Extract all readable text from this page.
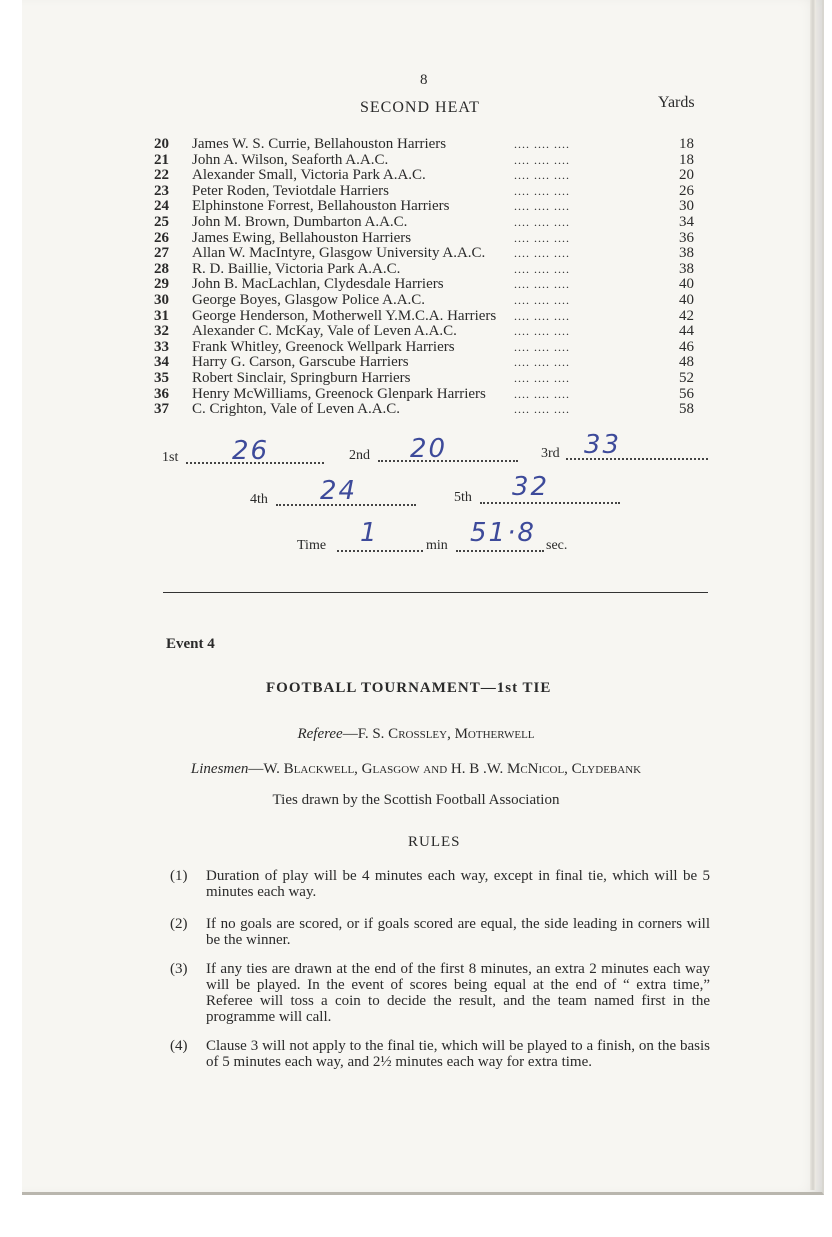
8
SECOND HEAT	Yards
20	James W. S. Currie, Bellahouston Harriers	.... .... ....	18
21	John A. Wilson, Seaforth A.A.C.	.... .... ....	18
22	Alexander Small, Victoria Park A.A.C.	.... .... ....	20
23	Peter Roden, Teviotdale Harriers	.... .... ....	26
24	Elphinstone Forrest, Bellahouston Harriers	.... .... ....	30
25	John M. Brown, Dumbarton A.A.C.	.... .... ....	34
26	James Ewing, Bellahouston Harriers	.... .... ....	36
27	Allan W. MacIntyre, Glasgow University A.A.C. .... .... ....	38
28	R. D. Baillie, Victoria Park A.A.C.	.... .... ....	38
29	John B. MacLachlan, Clydesdale Harriers	.... .... ....	40
30	George Boyes, Glasgow Police A.A.C.	.... .... ....	40
31	George Henderson, Motherwell Y.M.C.A. Harriers .... .... ....	42
32	Alexander C. McKay, Vale of Leven A.A.C.	.... .... ....	44
33	Frank Whitley, Greenock Wellpark Harriers	.... .... ....	46
34	Harry G. Carson, Garscube Harriers	.... .... ....	48
35	Robert Sinclair, Springburn Harriers	.... .... ....	52
36	Henry McWilliams, Greenock Glenpark Harriers .... .... ....	56
37	C. Crighton, Vale of Leven A.A.C.	.... .... ....	58
1st 26	2nd 20	3rd 33
4th 24	5th 32
Time 1	min 51·8 sec.
Event 4
FOOTBALL TOURNAMENT—1st TIE
Referee—F. S. Crossley, Motherwell
Linesmen—W. Blackwell, Glasgow and H. B .W. McNicol, Clydebank
Ties drawn by the Scottish Football Association
RULES
(1) Duration of play will be 4 minutes each way, except in final tie, which will be 5 minutes each way.
(2) If no goals are scored, or if goals scored are equal, the side leading in corners will be the winner.
(3) If any ties are drawn at the end of the first 8 minutes, an extra 2 minutes each way will be played. In the event of scores being equal at the end of “ extra time,” Referee will toss a coin to decide the result, and the team named first in the programme will call.
(4) Clause 3 will not apply to the final tie, which will be played to a finish, on the basis of 5 minutes each way, and 2½ minutes each way for extra time.
